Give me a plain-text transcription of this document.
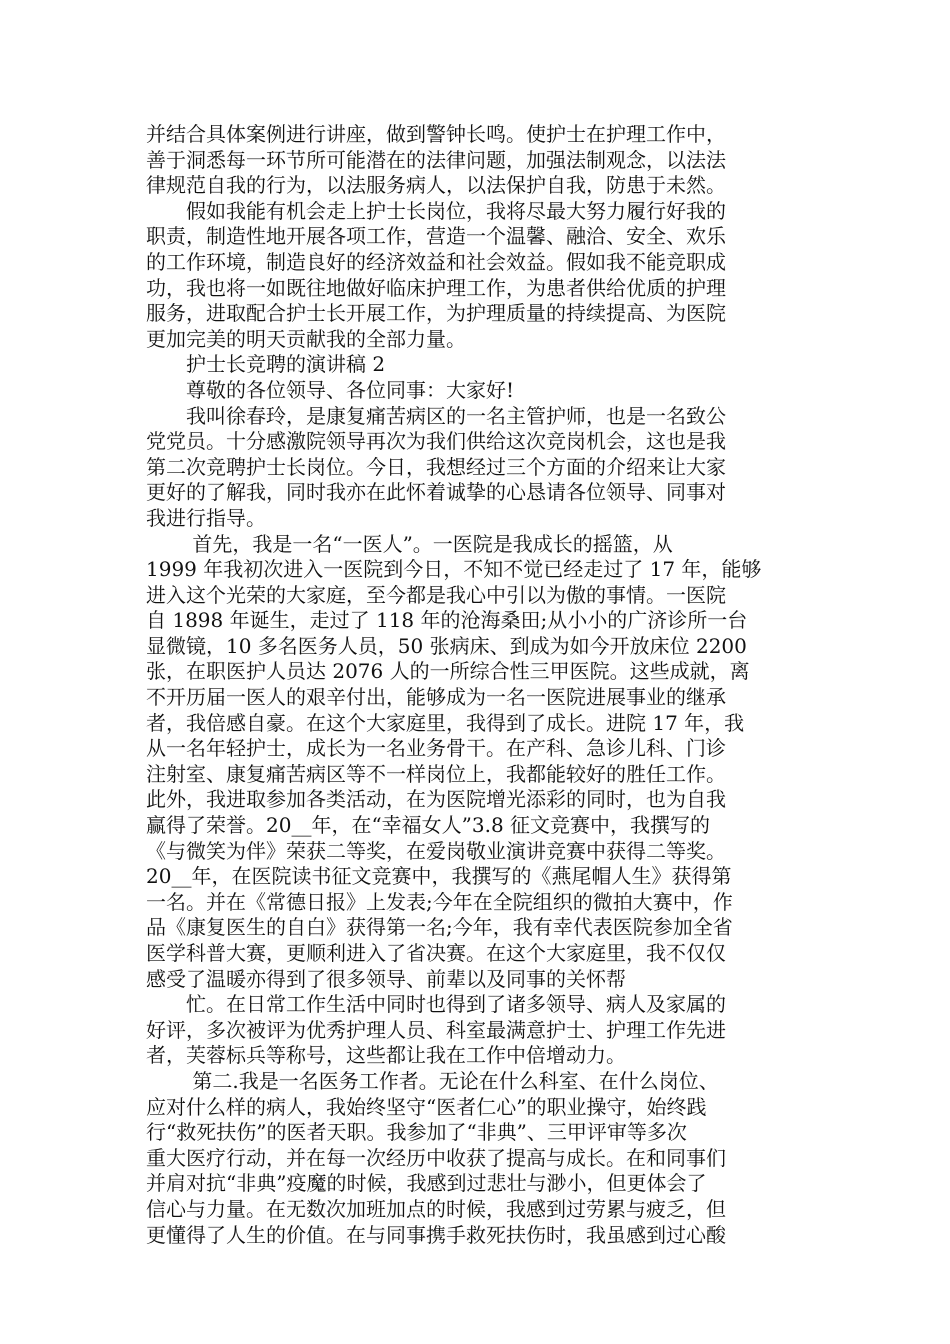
并结合具体案例进行讲座，做到警钟长鸣。使护士在护理工作中，
善于洞悉每一环节所可能潜在的法律问题，加强法制观念，以法法
律规范自我的行为，以法服务病人，以法保护自我，防患于未然。
　　假如我能有机会走上护士长岗位，我将尽最大努力履行好我的
职责，制造性地开展各项工作，营造一个温馨、融洽、安全、欢乐
的工作环境，制造良好的经济效益和社会效益。假如我不能竞职成
功，我也将一如既往地做好临床护理工作，为患者供给优质的护理
服务，进取配合护士长开展工作，为护理质量的持续提高、为医院
更加完美的明天贡献我的全部力量。
　　护士长竞聘的演讲稿 2
　　尊敬的各位领导、各位同事：大家好!
　　我叫徐春玲，是康复痛苦病区的一名主管护师，也是一名致公
党党员。十分感激院领导再次为我们供给这次竞岗机会，这也是我
第二次竞聘护士长岗位。今日，我想经过三个方面的介绍来让大家
更好的了解我，同时我亦在此怀着诚挚的心恳请各位领导、同事对
我进行指导。
　　 首先，我是一名“一医人”。一医院是我成长的摇篮，从
1999 年我初次进入一医院到今日，不知不觉已经走过了 17 年，能够
进入这个光荣的大家庭，至今都是我心中引以为傲的事情。一医院
自 1898 年诞生，走过了 118 年的沧海桑田;从小小的广济诊所一台
显微镜，10 多名医务人员，50 张病床、到成为如今开放床位 2200
张，在职医护人员达 2076 人的一所综合性三甲医院。这些成就，离
不开历届一医人的艰辛付出，能够成为一名一医院进展事业的继承
者，我倍感自豪。在这个大家庭里，我得到了成长。进院 17 年，我
从一名年轻护士，成长为一名业务骨干。在产科、急诊儿科、门诊
注射室、康复痛苦病区等不一样岗位上，我都能较好的胜任工作。
此外，我进取参加各类活动，在为医院增光添彩的同时，也为自我
赢得了荣誉。20__年，在“幸福女人”3.8 征文竞赛中，我撰写的
《与微笑为伴》荣获二等奖，在爱岗敬业演讲竞赛中获得二等奖。
20__年，在医院读书征文竞赛中，我撰写的《燕尾帽人生》获得第
一名。并在《常德日报》上发表;今年在全院组织的微拍大赛中，作
品《康复医生的自白》获得第一名;今年，我有幸代表医院参加全省
医学科普大赛，更顺利进入了省决赛。在这个大家庭里，我不仅仅
感受了温暖亦得到了很多领导、前辈以及同事的关怀帮
　　忙。在日常工作生活中同时也得到了诸多领导、病人及家属的
好评，多次被评为优秀护理人员、科室最满意护士、护理工作先进
者，芙蓉标兵等称号，这些都让我在工作中倍增动力。
　　 第二.我是一名医务工作者。无论在什么科室、在什么岗位、
应对什么样的病人，我始终坚守“医者仁心”的职业操守，始终践
行“救死扶伤”的医者天职。我参加了“非典”、三甲评审等多次
重大医疗行动，并在每一次经历中收获了提高与成长。在和同事们
并肩对抗“非典”疫魔的时候，我感到过悲壮与渺小，但更体会了
信心与力量。在无数次加班加点的时候，我感到过劳累与疲乏，但
更懂得了人生的价值。在与同事携手救死扶伤时，我虽感到过心酸
